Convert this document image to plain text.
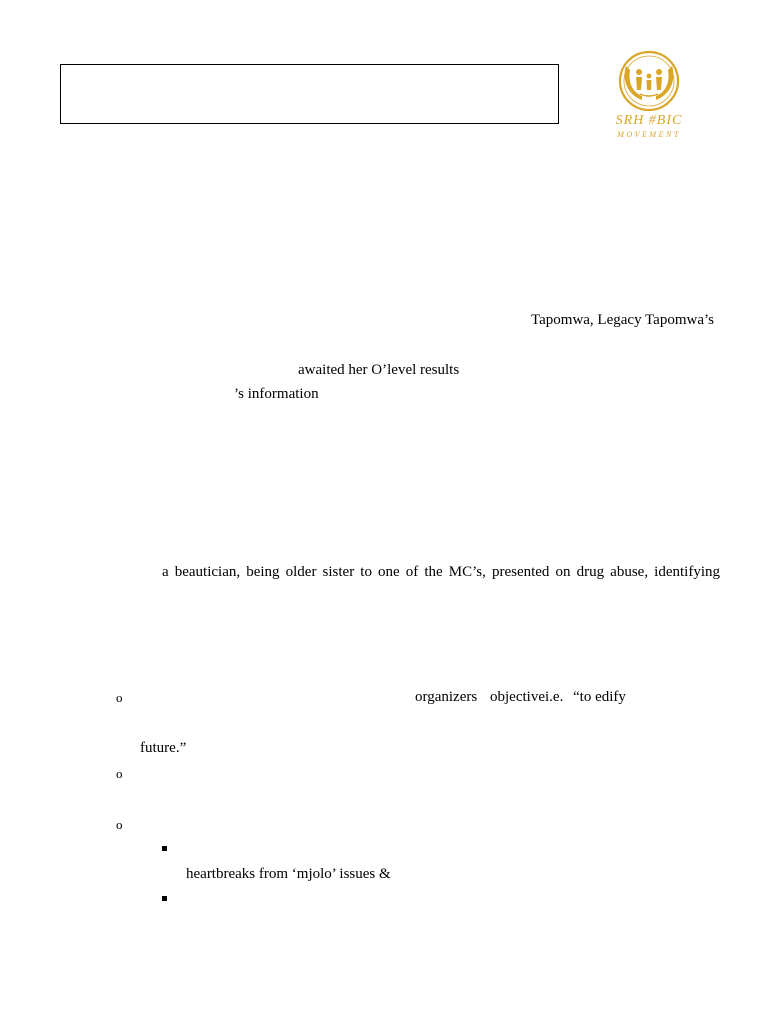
SRH #BIC
MOVEMENT
Tapomwa, Legacy Tapomwa’s
awaited her O’level results
’s information
a beautician, being older sister to one of the MC’s, presented on drug abuse, identifying
o	organizers objective i.e. “to edify
future.”
o
o
heartbreaks from ‘mjolo’ issues &
